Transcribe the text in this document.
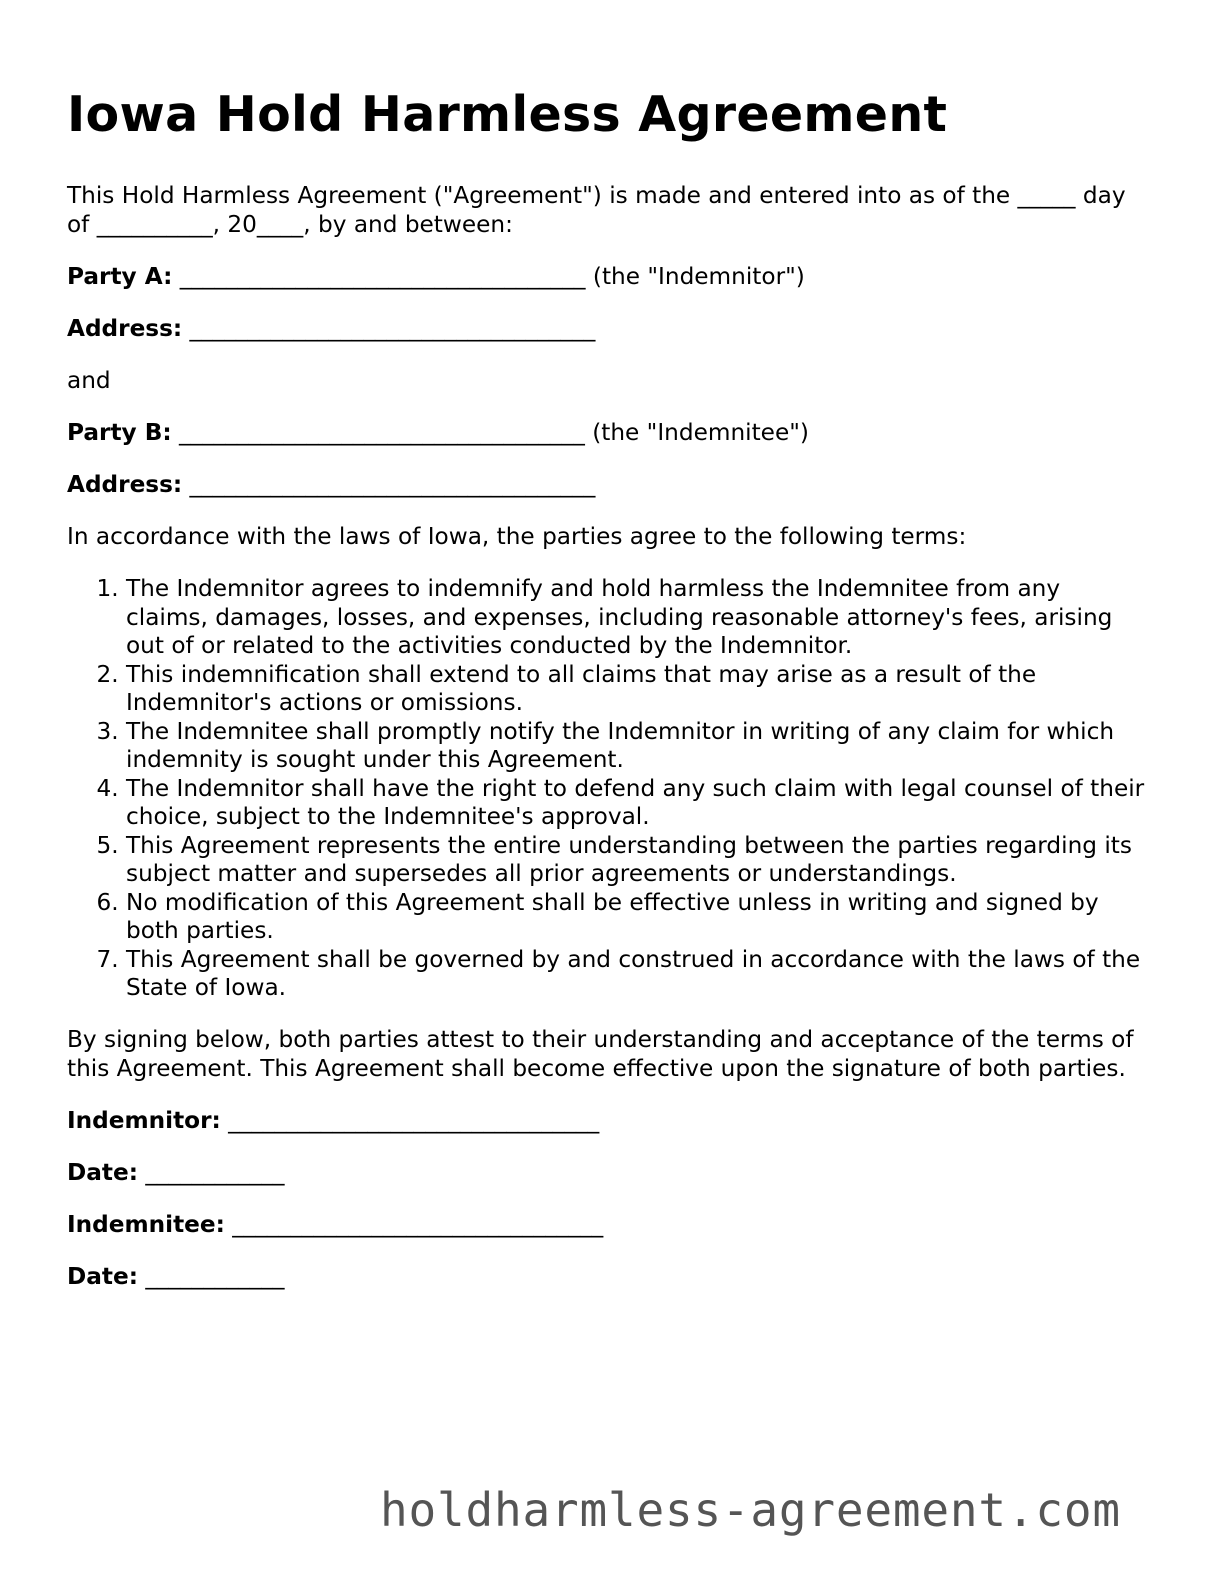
Iowa Hold Harmless Agreement

This Hold Harmless Agreement ("Agreement") is made and entered into as of the _____ day of __________, 20____, by and between:

Party A: ___________________________________ (the "Indemnitor")

Address: ___________________________________

and

Party B: ___________________________________ (the "Indemnitee")

Address: ___________________________________

In accordance with the laws of Iowa, the parties agree to the following terms:

1. The Indemnitor agrees to indemnify and hold harmless the Indemnitee from any claims, damages, losses, and expenses, including reasonable attorney's fees, arising out of or related to the activities conducted by the Indemnitor.
2. This indemnification shall extend to all claims that may arise as a result of the Indemnitor's actions or omissions.
3. The Indemnitee shall promptly notify the Indemnitor in writing of any claim for which indemnity is sought under this Agreement.
4. The Indemnitor shall have the right to defend any such claim with legal counsel of their choice, subject to the Indemnitee's approval.
5. This Agreement represents the entire understanding between the parties regarding its subject matter and supersedes all prior agreements or understandings.
6. No modification of this Agreement shall be effective unless in writing and signed by both parties.
7. This Agreement shall be governed by and construed in accordance with the laws of the State of Iowa.

By signing below, both parties attest to their understanding and acceptance of the terms of this Agreement. This Agreement shall become effective upon the signature of both parties.

Indemnitor: ________________________________

Date: ____________

Indemnitee: ________________________________

Date: ____________

holdharmless-agreement.com
